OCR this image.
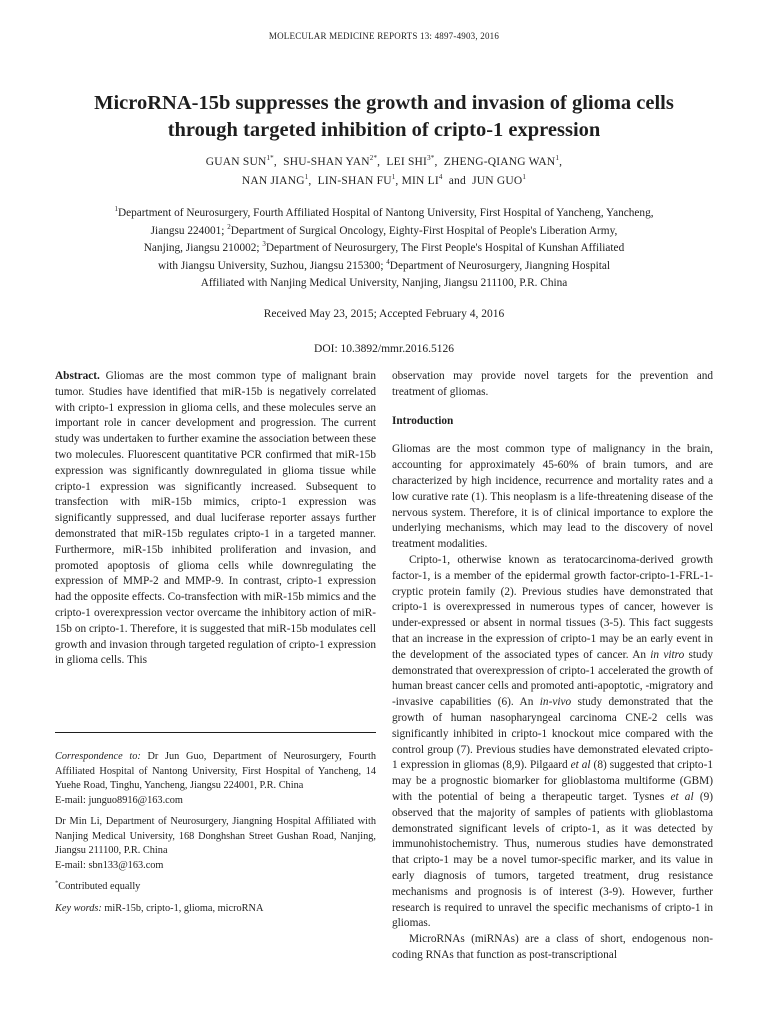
MOLECULAR MEDICINE REPORTS 13: 4897-4903, 2016
MicroRNA-15b suppresses the growth and invasion of glioma cells
through targeted inhibition of cripto-1 expression
GUAN $SUN^{1*}$,  SHU-SHAN $YAN^{2*}$,  LEI $SHI^{3*}$,  ZHENG-QIANG WAN$^1$,
NAN JIANG$^1$,  LIN-SHAN $FU^1$, MIN $LI^4$ and JUN GUO$^1$
$^1$Department of Neurosurgery, Fourth Affiliated Hospital of Nantong University, First Hospital of Yancheng, Yancheng,
Jiangsu 224001; $^2$Department of Surgical Oncology, Eighty-First Hospital of People's Liberation Army,
Nanjing, Jiangsu 210002; $^3$Department of Neurosurgery, The First People's Hospital of Kunshan Affiliated
with Jiangsu University, Suzhou, Jiangsu 215300; $^4$Department of Neurosurgery, Jiangning Hospital
Affiliated with Nanjing Medical University, Nanjing, Jiangsu 211100, P.R. China
Received May 23, 2015; Accepted February 4, 2016
DOI: 10.3892/mmr.2016.5126

Abstract. Gliomas are the most common type of malignant brain tumor. Studies have identified that miR-15b is negatively correlated with cripto-1 expression in glioma cells, and these molecules serve an important role in cancer development and progression. The current study was undertaken to further examine the association between these two molecules. Fluorescent quantitative PCR confirmed that miR-15b expression was significantly downregulated in glioma tissue while cripto-1 expression was significantly increased. Subsequent to transfection with miR-15b mimics, cripto-1 expression was significantly suppressed, and dual luciferase reporter assays further demonstrated that miR-15b regulates cripto-1 in a targeted manner. Furthermore, miR-15b inhibited proliferation and invasion, and promoted apoptosis of glioma cells while downregulating the expression of MMP-2 and MMP-9. In contrast, cripto-1 expression had the opposite effects. Co-transfection with miR-15b mimics and the cripto-1 overexpression vector overcame the inhibitory action of miR-15b on cripto-1. Therefore, it is suggested that miR-15b modulates cell growth and invasion through targeted regulation of cripto-1 expression in glioma cells. This

Correspondence to: Dr Jun Guo, Department of Neurosurgery, Fourth Affiliated Hospital of Nantong University, First Hospital of Yancheng, 14 Yuehe Road, Tinghu, Yancheng, Jiangsu 224001, P.R. China

E-mail: junguo8916@163.com

Dr Min Li, Department of Neurosurgery, Jiangning Hospital Affiliated with Nanjing Medical University, 168 Donghshan Street Gushan Road, Nanjing, Jiangsu 211100, P.R. China

E-mail: sbn133@163.com

*Contributed equally

Key words: miR-15b, cripto-1, glioma, microRNA

observation may provide novel targets for the prevention and treatment of gliomas.

Introduction

Gliomas are the most common type of malignancy in the brain, accounting for approximately 45-60% of brain tumors, and are characterized by high incidence, recurrence and mortality rates and a low curative rate (1). This neoplasm is a life-threatening disease of the nervous system. Therefore, it is of clinical importance to explore the underlying mechanisms, which may lead to the discovery of novel treatment modalities.

Cripto-1, otherwise known as teratocarcinoma-derived growth factor-1, is a member of the epidermal growth factor-cripto-1-FRL-1-cryptic protein family (2). Previous studies have demonstrated that cripto-1 is overexpressed in numerous types of cancer, however is under-expressed or absent in normal tissues (3-5). This fact suggests that an increase in the expression of cripto-1 may be an early event in the development of the associated types of cancer. An in vitro study demonstrated that overexpression of cripto-1 accelerated the growth of human breast cancer cells and promoted anti-apoptotic, -migratory and -invasive capabilities (6). An in-vivo study demonstrated that the growth of human nasopharyngeal carcinoma CNE-2 cells was significantly inhibited in cripto-1 knockout mice compared with the control group (7). Previous studies have demonstrated elevated cripto-1 expression in gliomas (8,9). Pilgaard et al (8) suggested that cripto-1 may be a prognostic biomarker for glioblastoma multiforme (GBM) with the potential of being a therapeutic target. Tysnes et al (9) observed that the majority of samples of patients with glioblastoma demonstrated significant levels of cripto-1, as it was detected by immunohistochemistry. Thus, numerous studies have demonstrated that cripto-1 may be a novel tumor-specific marker, and its value in early diagnosis of tumors, targeted treatment, drug resistance mechanisms and prognosis is of interest (3-9). However, further research is required to unravel the specific mechanisms of cripto-1 in gliomas.

MicroRNAs (miRNAs) are a class of short, endogenous non-coding RNAs that function as post-transcriptional
